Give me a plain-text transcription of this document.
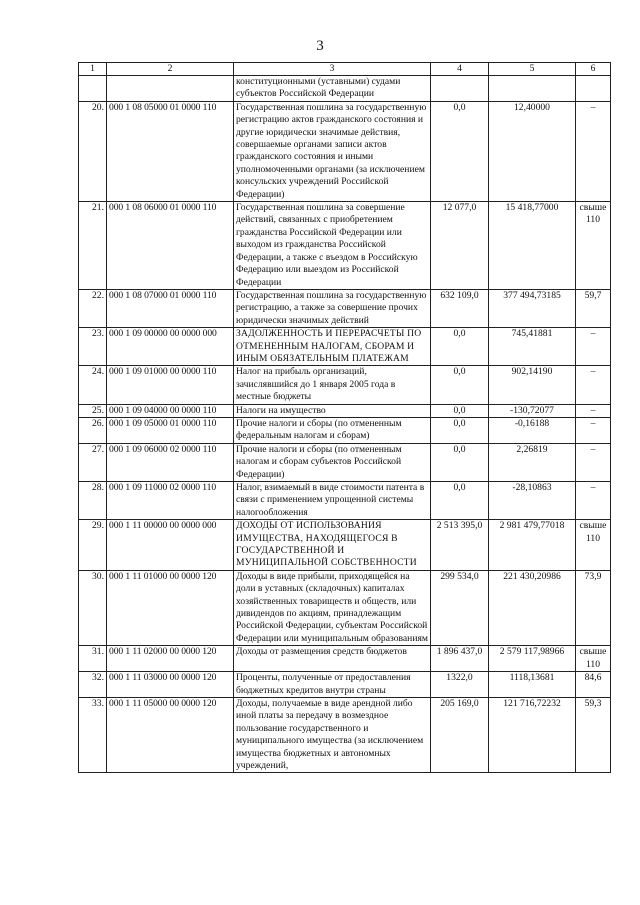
3
1	2	3	4	5	6
		конституционными (уставными) судами субъектов Российской Федерации			
20.	000 1 08 05000 01 0000 110	Государственная пошлина за государственную регистрацию актов гражданского состояния и другие юридически значимые действия, совершаемые органами записи актов гражданского состояния и иными уполномоченными органами (за исключением консульских учреждений Российской Федерации)	0,0	12,40000	–
21.	000 1 08 06000 01 0000 110	Государственная пошлина за совершение действий, связанных с приобретением гражданства Российской Федерации или выходом из гражданства Российской Федерации, а также с въездом в Российскую Федерацию или выездом из Российской Федерации	12 077,0	15 418,77000	свыше 110
22.	000 1 08 07000 01 0000 110	Государственная пошлина за государственную регистрацию, а также за совершение прочих юридически значимых действий	632 109,0	377 494,73185	59,7
23.	000 1 09 00000 00 0000 000	ЗАДОЛЖЕННОСТЬ И ПЕРЕРАСЧЕТЫ ПО ОТМЕНЕННЫМ НАЛОГАМ, СБОРАМ И ИНЫМ ОБЯЗАТЕЛЬНЫМ ПЛАТЕЖАМ	0,0	745,41881	–
24.	000 1 09 01000 00 0000 110	Налог на прибыль организаций, зачислявшийся до 1 января 2005 года в местные бюджеты	0,0	902,14190	–
25.	000 1 09 04000 00 0000 110	Налоги на имущество	0,0	-130,72077	–
26.	000 1 09 05000 01 0000 110	Прочие налоги и сборы (по отмененным федеральным налогам и сборам)	0,0	-0,16188	–
27.	000 1 09 06000 02 0000 110	Прочие налоги и сборы (по отмененным налогам и сборам субъектов Российской Федерации)	0,0	2,26819	–
28.	000 1 09 11000 02 0000 110	Налог, взимаемый в виде стоимости патента в связи с применением упрощенной системы налогообложения	0,0	-28,10863	–
29.	000 1 11 00000 00 0000 000	ДОХОДЫ ОТ ИСПОЛЬЗОВАНИЯ ИМУЩЕСТВА, НАХОДЯЩЕГОСЯ В ГОСУДАРСТВЕННОЙ И МУНИЦИПАЛЬНОЙ СОБСТВЕННОСТИ	2 513 395,0	2 981 479,77018	свыше 110
30.	000 1 11 01000 00 0000 120	Доходы в виде прибыли, приходящейся на доли в уставных (складочных) капиталах хозяйственных товариществ и обществ, или дивидендов по акциям, принадлежащим Российской Федерации, субъектам Российской Федерации или муниципальным образованиям	299 534,0	221 430,20986	73,9
31.	000 1 11 02000 00 0000 120	Доходы от размещения средств бюджетов	1 896 437,0	2 579 117,98966	свыше 110
32.	000 1 11 03000 00 0000 120	Проценты, полученные от предоставления бюджетных кредитов внутри страны	1322,0	1118,13681	84,6
33.	000 1 11 05000 00 0000 120	Доходы, получаемые в виде арендной либо иной платы за передачу в возмездное пользование государственного и муниципального имущества (за исключением имущества бюджетных и автономных учреждений,	205 169,0	121 716,72232	59,3
